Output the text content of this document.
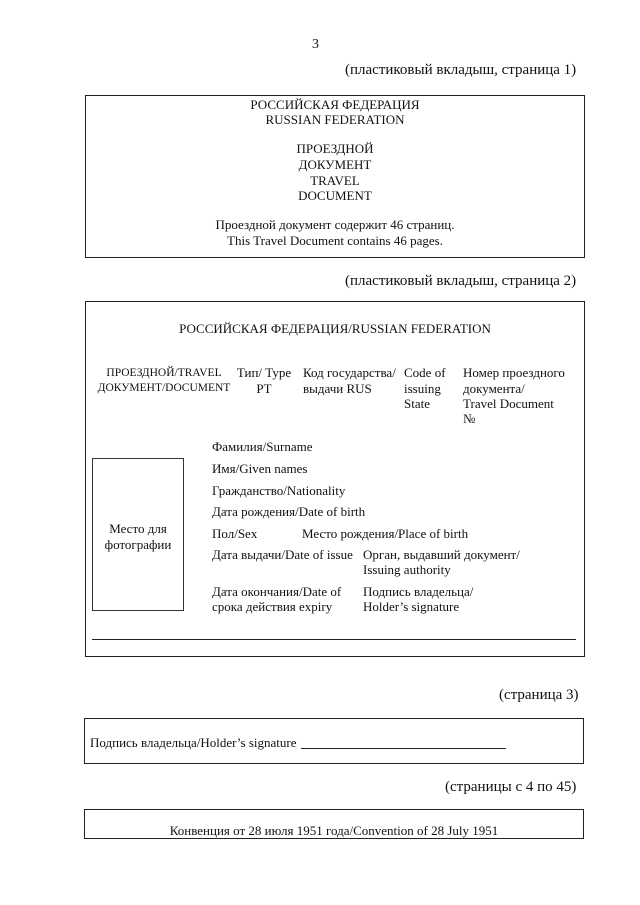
3
(пластиковый вкладыш, страница 1)
РОССИЙСКАЯ ФЕДЕРАЦИЯ
RUSSIAN FEDERATION
ПРОЕЗДНОЙ
ДОКУМЕНТ
TRAVEL
DOCUMENT
Проездной документ содержит 46 страниц.
This Travel Document contains 46 pages.
(пластиковый вкладыш, страница 2)
РОССИЙСКАЯ ФЕДЕРАЦИЯ/RUSSIAN FEDERATION
ПРОЕЗДНОЙ/TRAVEL
ДОКУМЕНТ/DOCUMENT
Тип/ Type
PT
Код государства/
выдачи RUS
Code of
issuing
State
Номер проездного
документа/
Travel Document
№
Место для
фотографии
Фамилия/Surname
Имя/Given names
Гражданство/Nationality
Дата рождения/Date of birth
Пол/Sex	Место рождения/Place of birth
Дата выдачи/Date of issue Орган, выдавший документ/
Issuing authority
Дата окончания/Date of
срока действия expiry
Подпись владельца/
Holder’s signature
(страница 3)
Подпись владельца/Holder’s signature
(страницы с 4 по 45)
Конвенция от 28 июля 1951 года/Convention of 28 July 1951
